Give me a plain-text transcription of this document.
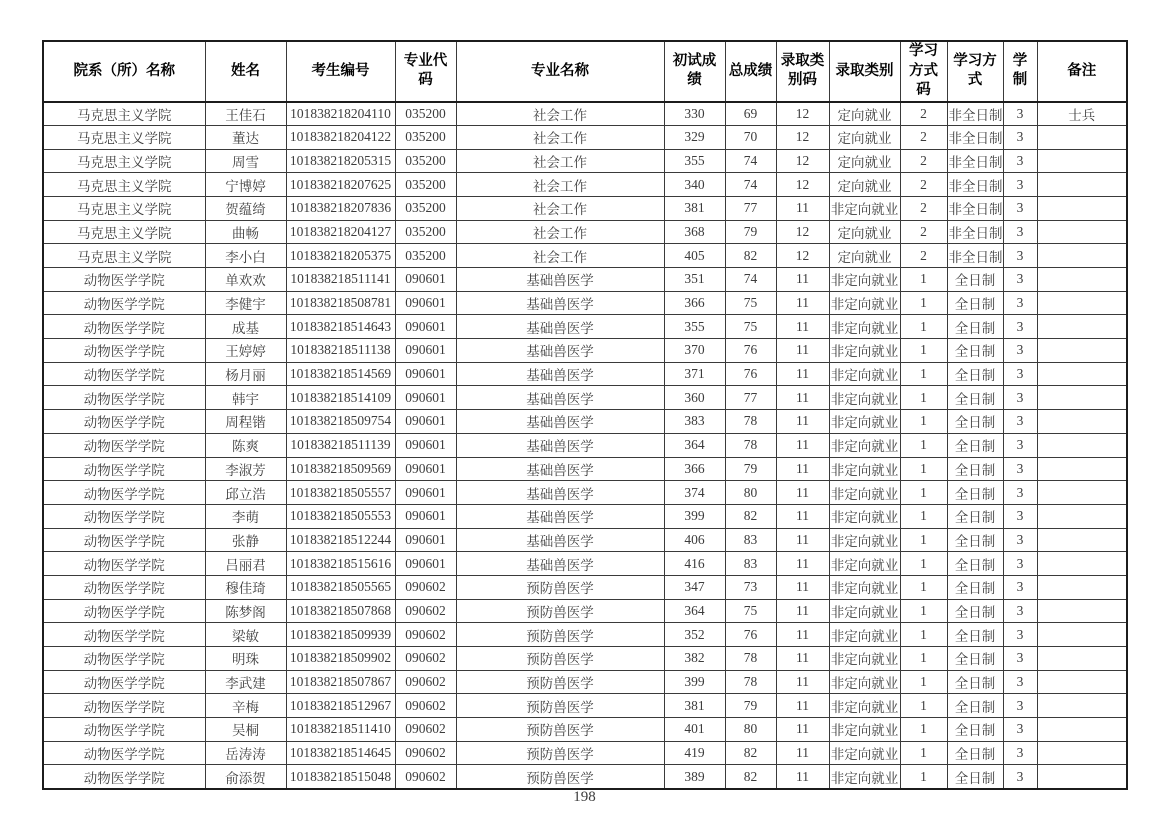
院系（所）名称	姓名	考生编号	专业代码	专业名称	初试成绩	总成绩	录取类别码	录取类别	学习方式码	学习方式	学制	备注
马克思主义学院	王佳石	101838218204110	035200	社会工作	330	69	12	定向就业	2	非全日制	3	士兵
马克思主义学院	董达	101838218204122	035200	社会工作	329	70	12	定向就业	2	非全日制	3	
马克思主义学院	周雪	101838218205315	035200	社会工作	355	74	12	定向就业	2	非全日制	3	
马克思主义学院	宁博婷	101838218207625	035200	社会工作	340	74	12	定向就业	2	非全日制	3	
马克思主义学院	贺蕴绮	101838218207836	035200	社会工作	381	77	11	非定向就业	2	非全日制	3	
马克思主义学院	曲畅	101838218204127	035200	社会工作	368	79	12	定向就业	2	非全日制	3	
马克思主义学院	李小白	101838218205375	035200	社会工作	405	82	12	定向就业	2	非全日制	3	
动物医学学院	单欢欢	101838218511141	090601	基础兽医学	351	74	11	非定向就业	1	全日制	3	
动物医学学院	李健宇	101838218508781	090601	基础兽医学	366	75	11	非定向就业	1	全日制	3	
动物医学学院	成基	101838218514643	090601	基础兽医学	355	75	11	非定向就业	1	全日制	3	
动物医学学院	王婷婷	101838218511138	090601	基础兽医学	370	76	11	非定向就业	1	全日制	3	
动物医学学院	杨月丽	101838218514569	090601	基础兽医学	371	76	11	非定向就业	1	全日制	3	
动物医学学院	韩宇	101838218514109	090601	基础兽医学	360	77	11	非定向就业	1	全日制	3	
动物医学学院	周程锴	101838218509754	090601	基础兽医学	383	78	11	非定向就业	1	全日制	3	
动物医学学院	陈爽	101838218511139	090601	基础兽医学	364	78	11	非定向就业	1	全日制	3	
动物医学学院	李淑芳	101838218509569	090601	基础兽医学	366	79	11	非定向就业	1	全日制	3	
动物医学学院	邱立浩	101838218505557	090601	基础兽医学	374	80	11	非定向就业	1	全日制	3	
动物医学学院	李萌	101838218505553	090601	基础兽医学	399	82	11	非定向就业	1	全日制	3	
动物医学学院	张静	101838218512244	090601	基础兽医学	406	83	11	非定向就业	1	全日制	3	
动物医学学院	吕丽君	101838218515616	090601	基础兽医学	416	83	11	非定向就业	1	全日制	3	
动物医学学院	穆佳琦	101838218505565	090602	预防兽医学	347	73	11	非定向就业	1	全日制	3	
动物医学学院	陈梦阁	101838218507868	090602	预防兽医学	364	75	11	非定向就业	1	全日制	3	
动物医学学院	梁敏	101838218509939	090602	预防兽医学	352	76	11	非定向就业	1	全日制	3	
动物医学学院	明珠	101838218509902	090602	预防兽医学	382	78	11	非定向就业	1	全日制	3	
动物医学学院	李武建	101838218507867	090602	预防兽医学	399	78	11	非定向就业	1	全日制	3	
动物医学学院	辛梅	101838218512967	090602	预防兽医学	381	79	11	非定向就业	1	全日制	3	
动物医学学院	吴桐	101838218511410	090602	预防兽医学	401	80	11	非定向就业	1	全日制	3	
动物医学学院	岳涛涛	101838218514645	090602	预防兽医学	419	82	11	非定向就业	1	全日制	3	
动物医学学院	俞添贺	101838218515048	090602	预防兽医学	389	82	11	非定向就业	1	全日制	3	
198
